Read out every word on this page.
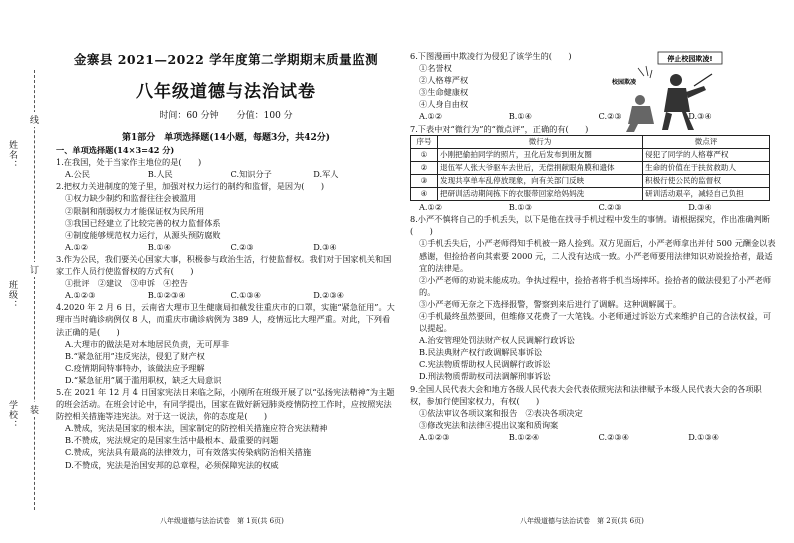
姓名：
班级：
学校：
线
订
装
金寨县 2021—2022 学年度第二学期期末质量监测
八年级道德与法治试卷
时间：60 分钟　　分值：100 分
第1部分　单项选择题(14小题，每题3分，共42分)

一、单项选择题(14×3=42 分)

1.在我国，处于当家作主地位的是(　　)

A.公民	B.人民	C.知识分子	D.军人

2.把权力关进制度的笼子里，加强对权力运行的制约和监督，是因为(　　)

①权力缺少制约和监督往往会被滥用

②限制和削弱权力才能保证权为民所用

③我国已经建立了比较完善的权力监督体系

④制度能够规范权力运行，从源头预防腐败

A.①②	B.①④	C.②③	D.③④

3.作为公民，我们要关心国家大事，积极参与政治生活，行使监督权。我们对于国家机关和国家工作人员行使监督权的方式有(　　)

①批评　②建议　③申诉　④控告

A.①②③	B.①②③④	C.①③④	D.②③④

4.2020 年 2 月 6 日，云南省大理市卫生健康局扣截发往重庆市的口罩，实施“紧急征用”。大理市当时确诊病例仅 8 人，而重庆市确诊病例为 389 人，疫情远比大理严重。对此，下列看法正确的是(　　)

A.大理市的做法是对本地居民负责，无可厚非

B.“紧急征用”违反宪法，侵犯了财产权

C.疫情期间特事特办，该做法应予理解

D.“紧急征用”属于滥用职权，缺乏大局意识

5.在 2021 年 12 月 4 日国家宪法日来临之际，小刚所在班级开展了以“弘扬宪法精神”为主题的班会活动。在班会讨论中，有同学提出，国家在做好新冠肺炎疫情防控工作时，应按照宪法防控相关措施等违宪法。对于这一说法，你的态度是(　　)

A.赞成，宪法是国家的根本法，国家制定的防控相关措施应符合宪法精神

B.不赞成，宪法规定的是国家生活中最根本、最重要的问题

C.赞成，宪法具有最高的法律效力，可有效落实传染病防治相关措施

D.不赞成，宪法是治国安邦的总章程，必须保障宪法的权威

停止校园欺凌!
校园欺凌

6.下图漫画中欺凌行为侵犯了该学生的(　　)

①名誉权

②人格尊严权

③生命健康权

④人身自由权

A.①②	B.①④	C.②③	D.③④

7.下表中对“微行为”的“微点评”，正确的有(　　)

序号	微行为	微点评
①	小刚把偷拍同学的照片，丑化后发布到朋友圈	侵犯了同学的人格尊严权
②	退伍军人张大爷驱车去世后，无偿捐献眼角膜和遗体	生命的价值在于扶贫救助人
③	发现共享单车乱停放现象，向有关部门反映	积极行使公民的监督权
④	把研训活动期间拣下的衣服带回家给妈妈洗	研训活动艰辛，减轻自己负担
A.①②	B.①③	C.②③	D.③④

8.小严不慎将自己的手机丢失，以下是他在找寻手机过程中发生的事情。请根据探究，作出准确判断(　　)

①手机丢失后，小严老师得知手机被一路人捡到。双方见面后，小严老师拿出并付 500 元酬金以表感谢，但捡拾者向其索要 2000 元，二人没有达成一致。小严老师要用法律知识劝说捡拾者，最适宜的法律是。

②小严老师的劝说未能成功。争执过程中，捡拾者将手机当场摔坏。捡拾者的做法侵犯了小严老师的。

③小严老师无奈之下选择报警，警察到来后进行了调解。这种调解属于。

④手机最终虽然要回，但维修又花费了一大笔钱。小老师通过诉讼方式来维护自己的合法权益，可以提起。

A.治安管理处罚法财产权人民调解行政诉讼

B.民法典财产权行政调解民事诉讼

C.宪法物质帮助权人民调解行政诉讼

D.刑法物质帮助权司法调解刑事诉讼

9.全国人民代表大会和地方各级人民代表大会代表依照宪法和法律赋予本级人民代表大会的各项职权，参加行使国家权力，有权(　　)

①依法审议各项议案和报告　②表决各项决定

③修改宪法和法律④提出议案和质询案

A.①②③	B.①②④	C.②③④	D.①③④
八年级道德与法治试卷　第 1页(共 6页)	八年级道德与法治试卷　第 2页(共 6页)
